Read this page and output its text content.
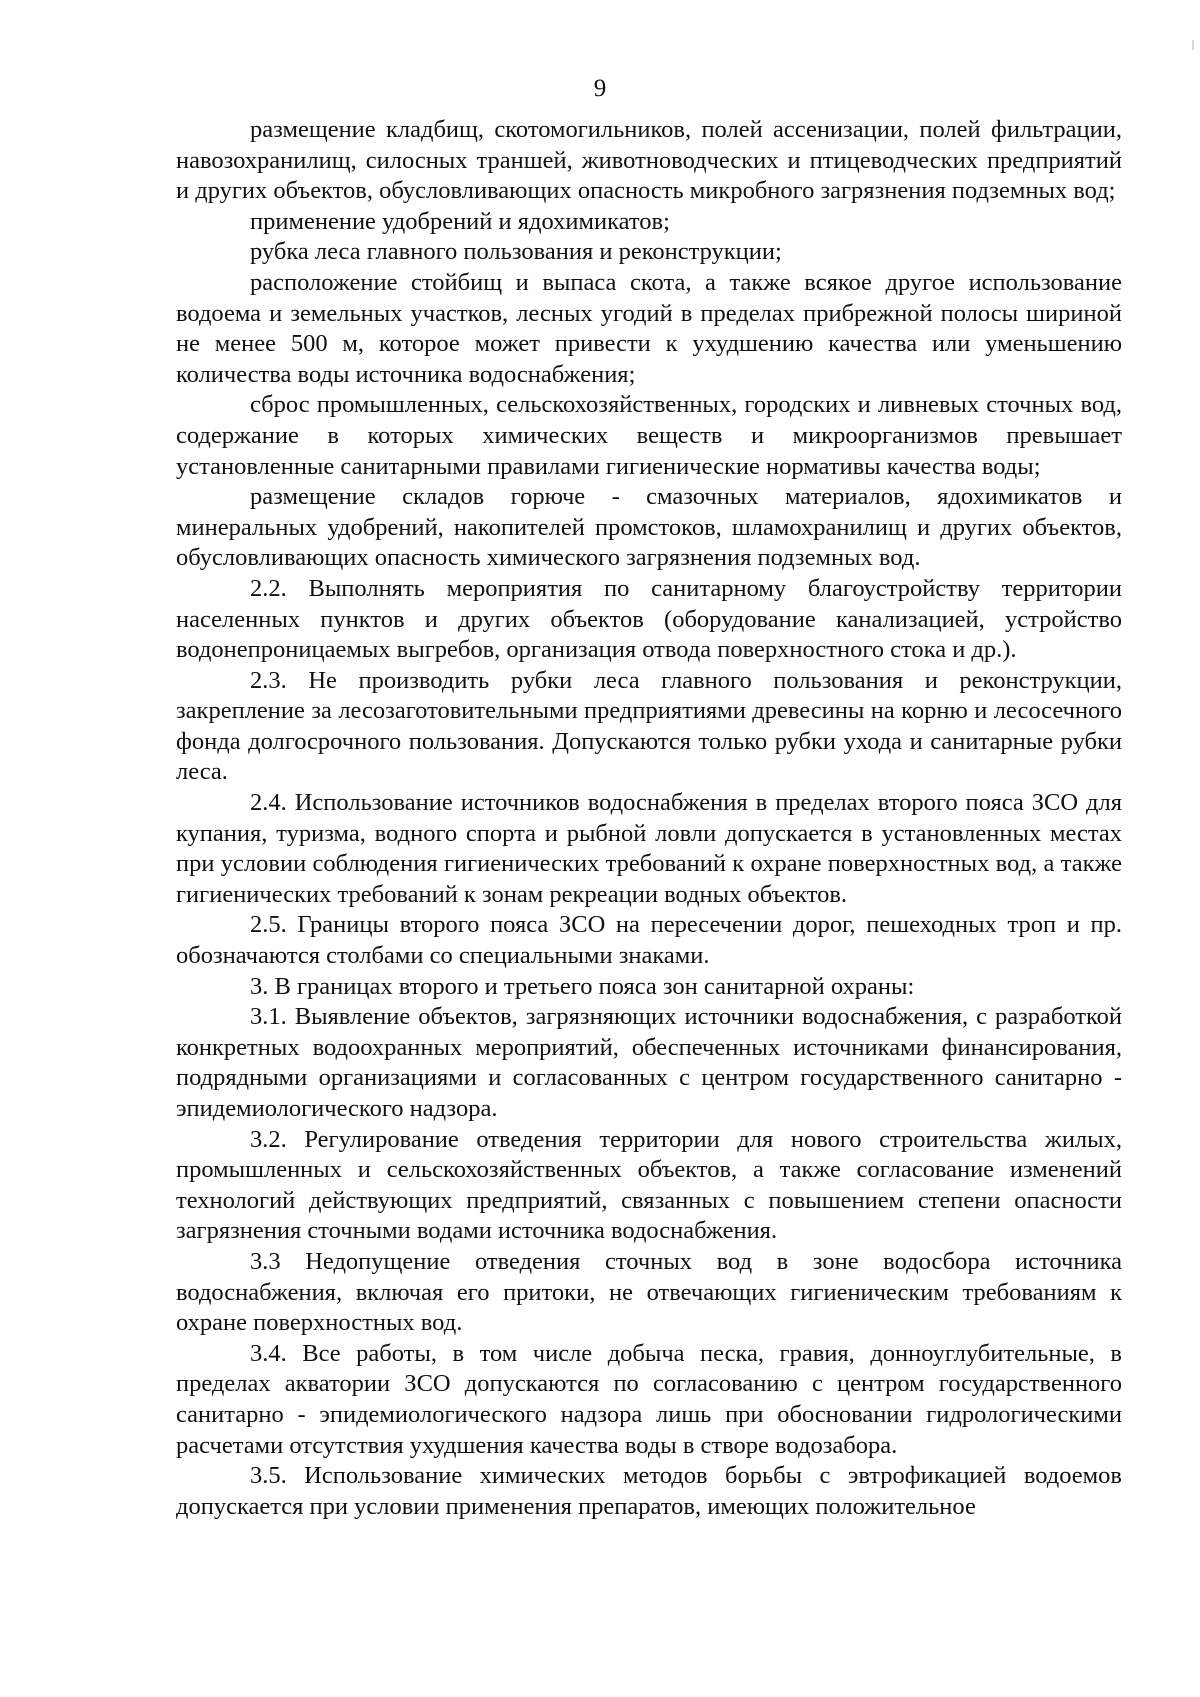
9

размещение кладбищ, скотомогильников, полей ассенизации, полей фильтрации, навозохранилищ, силосных траншей, животноводческих и птицеводческих предприятий и других объектов, обусловливающих опасность микробного загрязнения подземных вод;

применение удобрений и ядохимикатов;

рубка леса главного пользования и реконструкции;

расположение стойбищ и выпаса скота, а также всякое другое использование водоема и земельных участков, лесных угодий в пределах прибрежной полосы шириной не менее 500 м, которое может привести к ухудшению качества или уменьшению количества воды источника водоснабжения;

сброс промышленных, сельскохозяйственных, городских и ливневых сточных вод, содержание в которых химических веществ и микроорганизмов превышает установленные санитарными правилами гигиенические нормативы качества воды;

размещение складов горюче - смазочных материалов, ядохимикатов и минеральных удобрений, накопителей промстоков, шламохранилищ и других объектов, обусловливающих опасность химического загрязнения подземных вод.

2.2. Выполнять мероприятия по санитарному благоустройству территории населенных пунктов и других объектов (оборудование канализацией, устройство водонепроницаемых выгребов, организация отвода поверхностного стока и др.).

2.3. Не производить рубки леса главного пользования и реконструкции, закрепление за лесозаготовительными предприятиями древесины на корню и лесосечного фонда долгосрочного пользования. Допускаются только рубки ухода и санитарные рубки леса.

2.4. Использование источников водоснабжения в пределах второго пояса ЗСО для купания, туризма, водного спорта и рыбной ловли допускается в установленных местах при условии соблюдения гигиенических требований к охране поверхностных вод, а также гигиенических требований к зонам рекреации водных объектов.

2.5. Границы второго пояса ЗСО на пересечении дорог, пешеходных троп и пр. обозначаются столбами со специальными знаками.

3. В границах второго и третьего пояса зон санитарной охраны:

3.1. Выявление объектов, загрязняющих источники водоснабжения, с разработкой конкретных водоохранных мероприятий, обеспеченных источниками финансирования, подрядными организациями и согласованных с центром государственного санитарно - эпидемиологического надзора.

3.2. Регулирование отведения территории для нового строительства жилых, промышленных и сельскохозяйственных объектов, а также согласование изменений технологий действующих предприятий, связанных с повышением степени опасности загрязнения сточными водами источника водоснабжения.

3.3 Недопущение отведения сточных вод в зоне водосбора источника водоснабжения, включая его притоки, не отвечающих гигиеническим требованиям к охране поверхностных вод.

3.4. Все работы, в том числе добыча песка, гравия, донноуглубительные, в пределах акватории ЗСО допускаются по согласованию с центром государственного санитарно - эпидемиологического надзора лишь при обосновании гидрологическими расчетами отсутствия ухудшения качества воды в створе водозабора.

3.5. Использование химических методов борьбы с эвтрофикацией водоемов допускается при условии применения препаратов, имеющих положительное
